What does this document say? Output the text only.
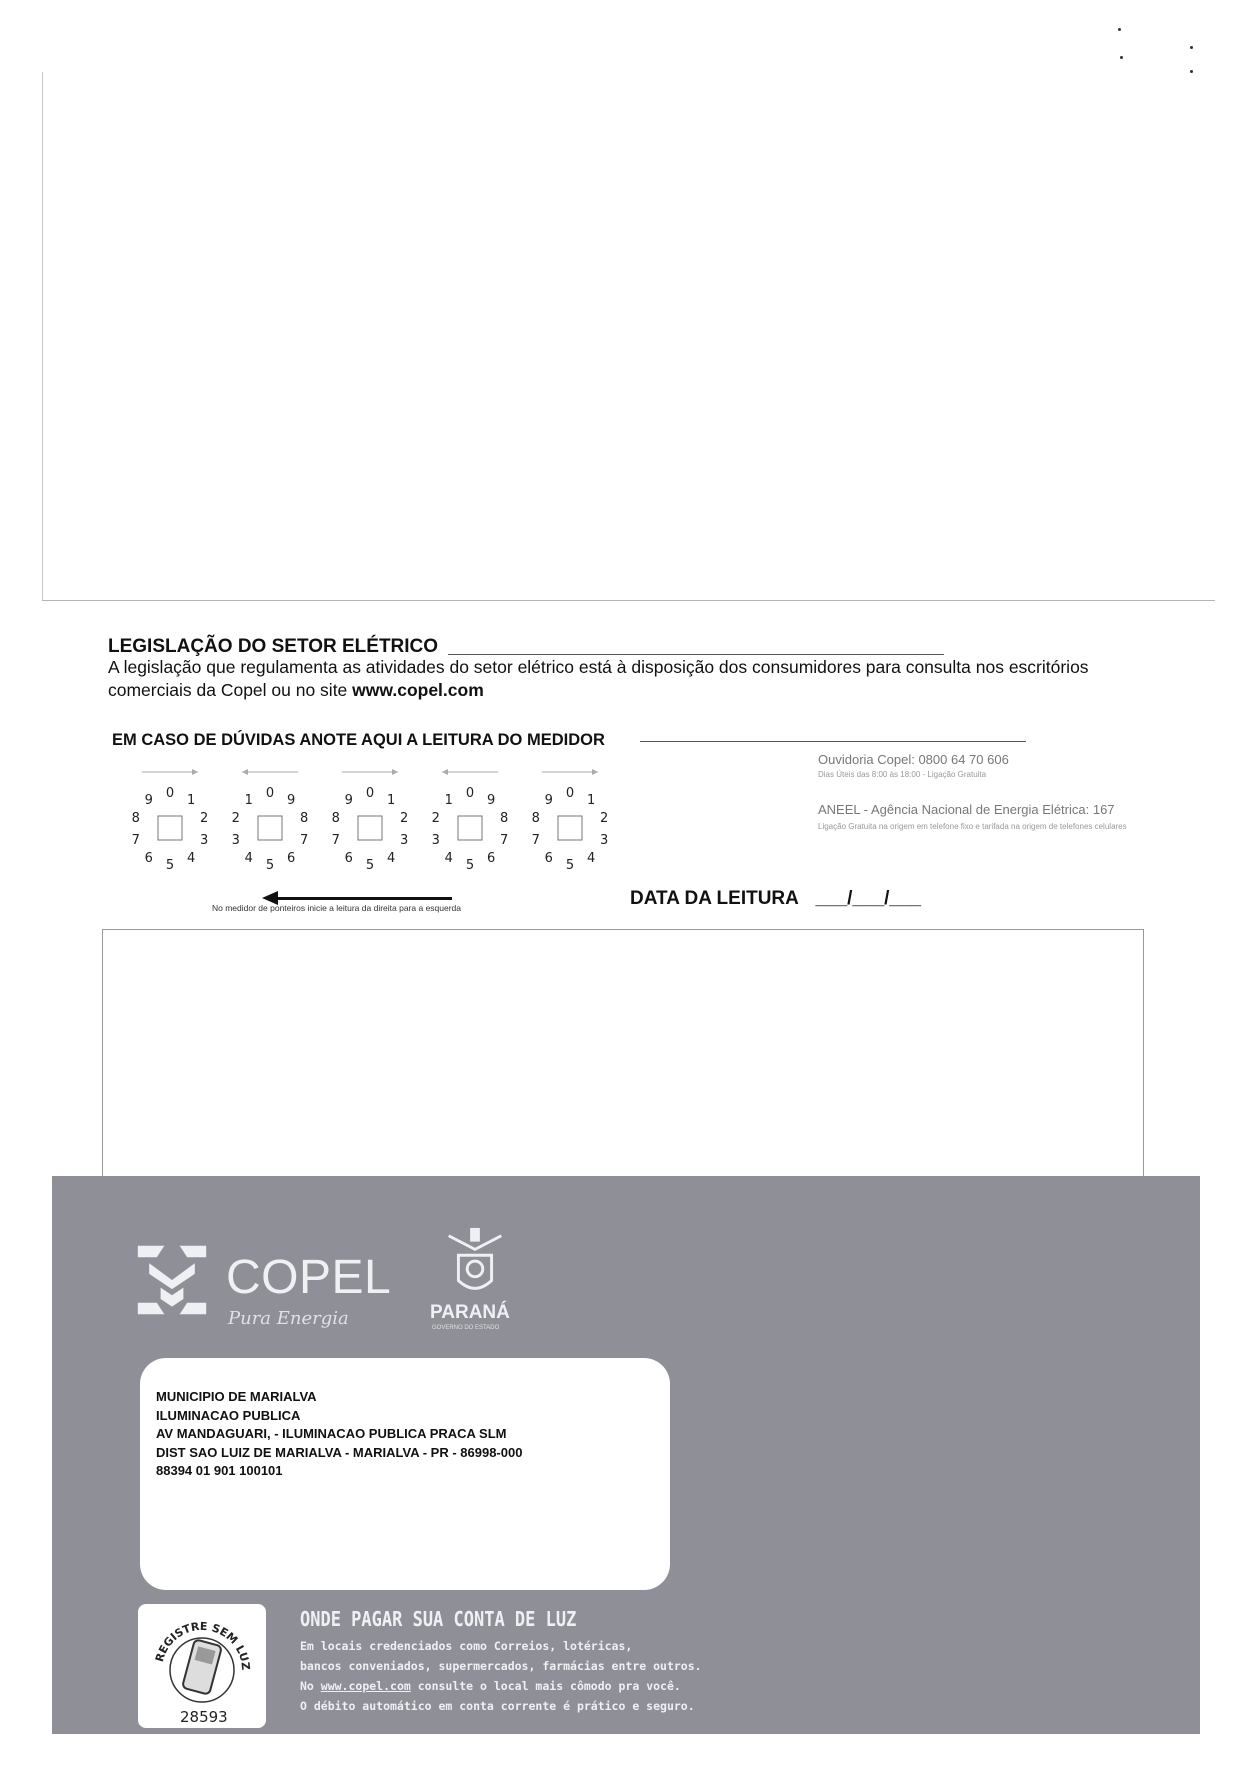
LEGISLAÇÃO DO SETOR ELÉTRICO
A legislação que regulamenta as atividades do setor elétrico está à disposição dos consumidores para consulta nos escritórios comerciais da Copel ou no site www.copel.com
EM CASO DE DÚVIDAS ANOTE AQUI A LEITURA DO MEDIDOR
Ouvidoria Copel: 0800 64 70 606
Dias Úteis das 8:00 às 18:00 - Ligação Gratuita
ANEEL - Agência Nacional de Energia Elétrica: 167
Ligação Gratuita na origem em telefone fixo e tarifada na origem de telefones celulares
0 1
2
3
4
5
6
7
8
9	0 9
8
7
6
5
4
3
2
1	0 1
2
3
4
5
6
7
8
9	0 9
8
7
6
5
4
3
2
1	0 1
2
3
4
5
6
7
8
9
No medidor de ponteiros inicie a leitura da direita para a esquerda	DATA DA LEITURA ___/___/___
COPEL
Pura Energia	PARANÁ
GOVERNO DO ESTADO
MUNICIPIO DE MARIALVA
ILUMINACAO PUBLICA
AV MANDAGUARI, - ILUMINACAO PUBLICA PRACA SLM
DIST SAO LUIZ DE MARIALVA - MARIALVA - PR - 86998-000
88394 01 901 100101
REGISTRE SEM LUZ
28593
ONDE PAGAR SUA CONTA DE LUZ
Em locais credenciados como Correios, lotéricas,
bancos conveniados, supermercados, farmácias entre outros.
No www.copel.com consulte o local mais cômodo pra você.
O débito automático em conta corrente é prático e seguro.
